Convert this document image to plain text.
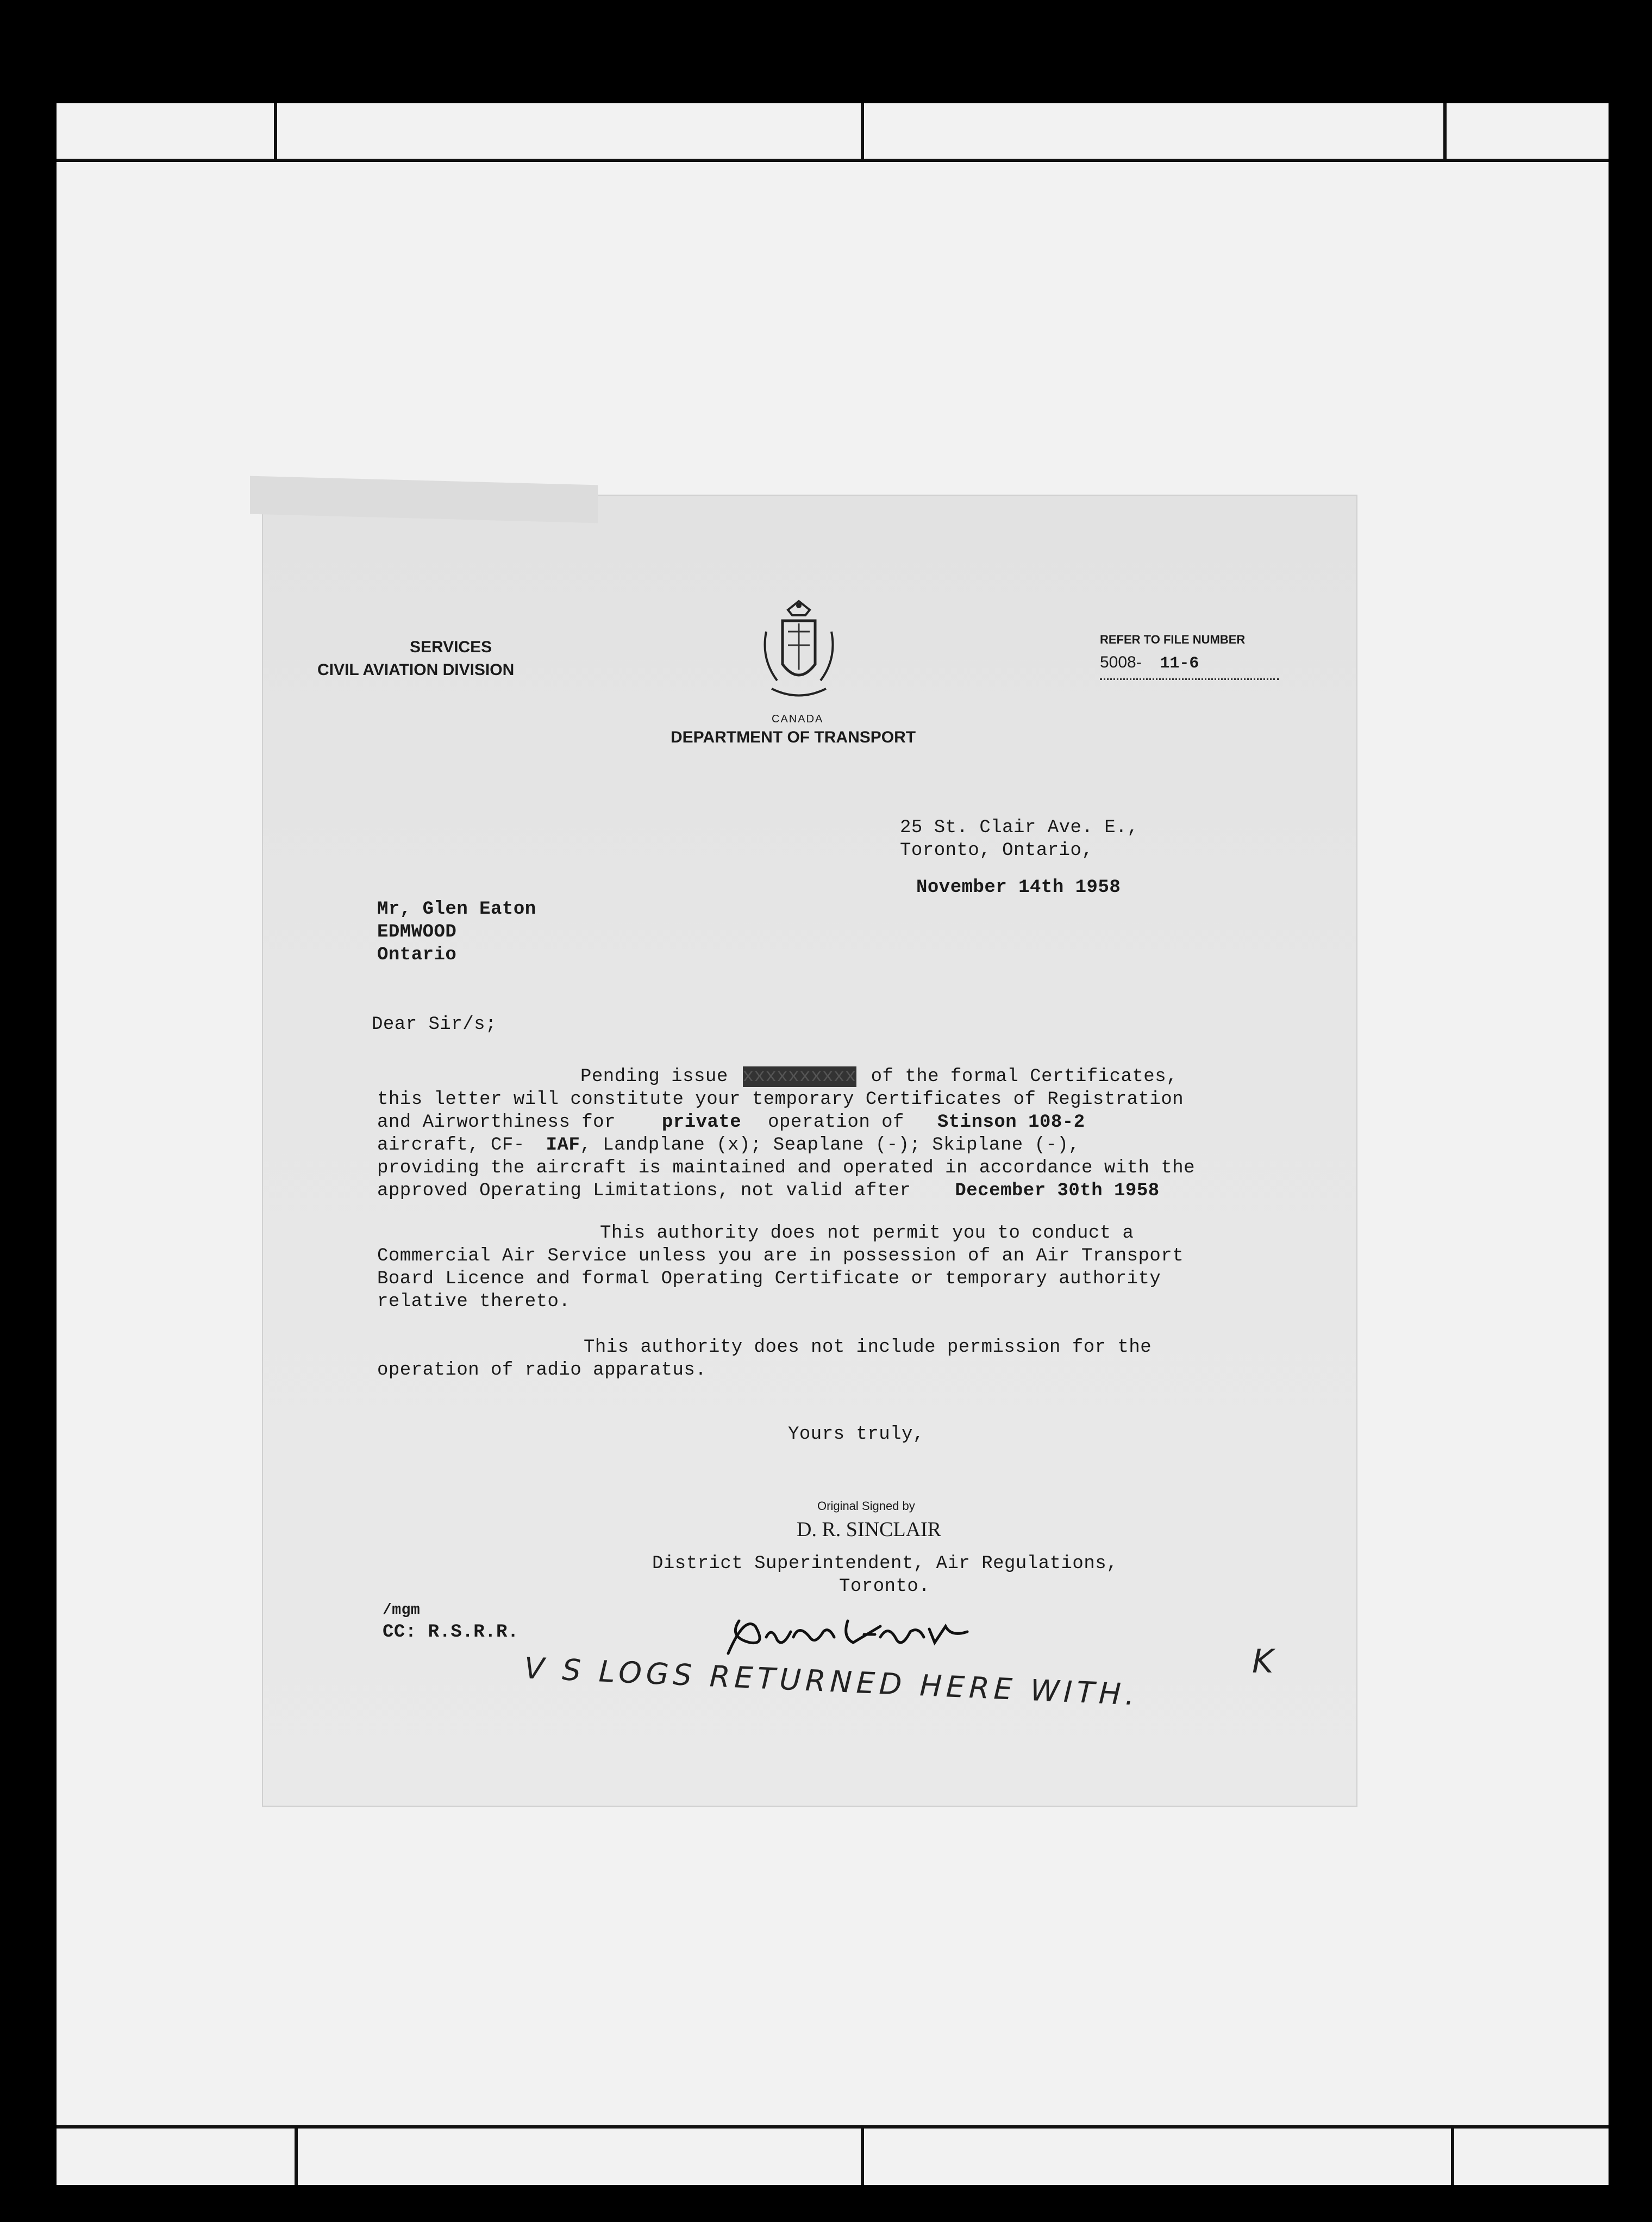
SERVICES
CIVIL AVIATION DIVISION
CANADA
DEPARTMENT OF TRANSPORT
REFER TO FILE NUMBER
5008- 11-6
25 St. Clair Ave. E.,
Toronto, Ontario,
November 14th 1958
Mr, Glen Eaton
EDMWOOD
Ontario
Dear Sir/s;
Pending issue xxxxxxxxxx of the formal Certificates,
this letter will constitute your temporary Certificates of Registration
and Airworthiness for private operation of Stinson 108-2
aircraft, CF- IAF, Landplane (x); Seaplane (-); Skiplane (-),
providing the aircraft is maintained and operated in accordance with the
approved Operating Limitations, not valid after December 30th 1958
This authority does not permit you to conduct a
Commercial Air Service unless you are in possession of an Air Transport
Board Licence and formal Operating Certificate or temporary authority
relative thereto.
This authority does not include permission for the
operation of radio apparatus.
Yours truly,
Original Signed by
D. R. SINCLAIR
District Superintendent, Air Regulations,
Toronto.
/mgm
CC: R.S.R.R.
V S LOGS RETURNED HERE WITH.	K
